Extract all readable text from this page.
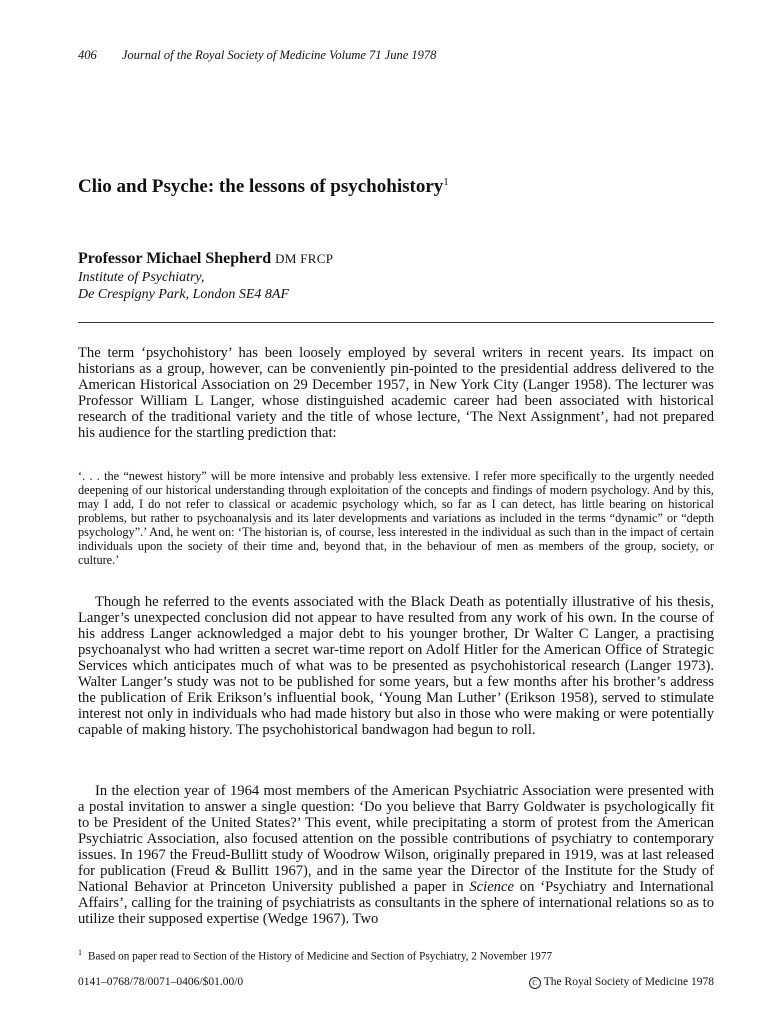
406 Journal of the Royal Society of Medicine Volume 71 June 1978
Clio and Psyche: the lessons of psychohistory$^1$
Professor Michael Shepherd DM FRCP
Institute of Psychiatry,
De Crespigny Park, London SE4 8AF

The term ‘psychohistory’ has been loosely employed by several writers in recent years. Its impact on historians as a group, however, can be conveniently pin-pointed to the presidential address delivered to the American Historical Association on 29 December 1957, in New York City (Langer 1958). The lecturer was Professor William L Langer, whose distinguished academic career had been associated with historical research of the traditional variety and the title of whose lecture, ‘The Next Assignment’, had not prepared his audience for the startling prediction that:

‘. . . the “newest history” will be more intensive and probably less extensive. I refer more specifically to the urgently needed deepening of our historical understanding through exploitation of the concepts and findings of modern psychology. And by this, may I add, I do not refer to classical or academic psychology which, so far as I can detect, has little bearing on historical problems, but rather to psychoanalysis and its later developments and variations as included in the terms “dynamic” or “depth psychology”.’ And, he went on: ‘The historian is, of course, less interested in the individual as such than in the impact of certain individuals upon the society of their time and, beyond that, in the behaviour of men as members of the group, society, or culture.’

Though he referred to the events associated with the Black Death as potentially illustrative of his thesis, Langer’s unexpected conclusion did not appear to have resulted from any work of his own. In the course of his address Langer acknowledged a major debt to his younger brother, Dr Walter C Langer, a practising psychoanalyst who had written a secret war-time report on Adolf Hitler for the American Office of Strategic Services which anticipates much of what was to be presented as psychohistorical research (Langer 1973). Walter Langer’s study was not to be published for some years, but a few months after his brother’s address the publication of Erik Erikson’s influential book, ‘Young Man Luther’ (Erikson 1958), served to stimulate interest not only in individuals who had made history but also in those who were making or were potentially capable of making history. The psychohistorical bandwagon had begun to roll.

In the election year of 1964 most members of the American Psychiatric Association were presented with a postal invitation to answer a single question: ‘Do you believe that Barry Goldwater is psychologically fit to be President of the United States?’ This event, while precipitating a storm of protest from the American Psychiatric Association, also focused attention on the possible contributions of psychiatry to contemporary issues. In 1967 the Freud-Bullitt study of Woodrow Wilson, originally prepared in 1919, was at last released for publication (Freud & Bullitt 1967), and in the same year the Director of the Institute for the Study of National Behavior at Princeton University published a paper in Science on ‘Psychiatry and International Affairs’, calling for the training of psychiatrists as consultants in the sphere of international relations so as to utilize their supposed expertise (Wedge 1967). Two

$^1$ Based on paper read to Section of the History of Medicine and Section of Psychiatry, 2 November 1977
0141–0768/78/0071–0406/$01.00/0	C The Royal Society of Medicine 1978
